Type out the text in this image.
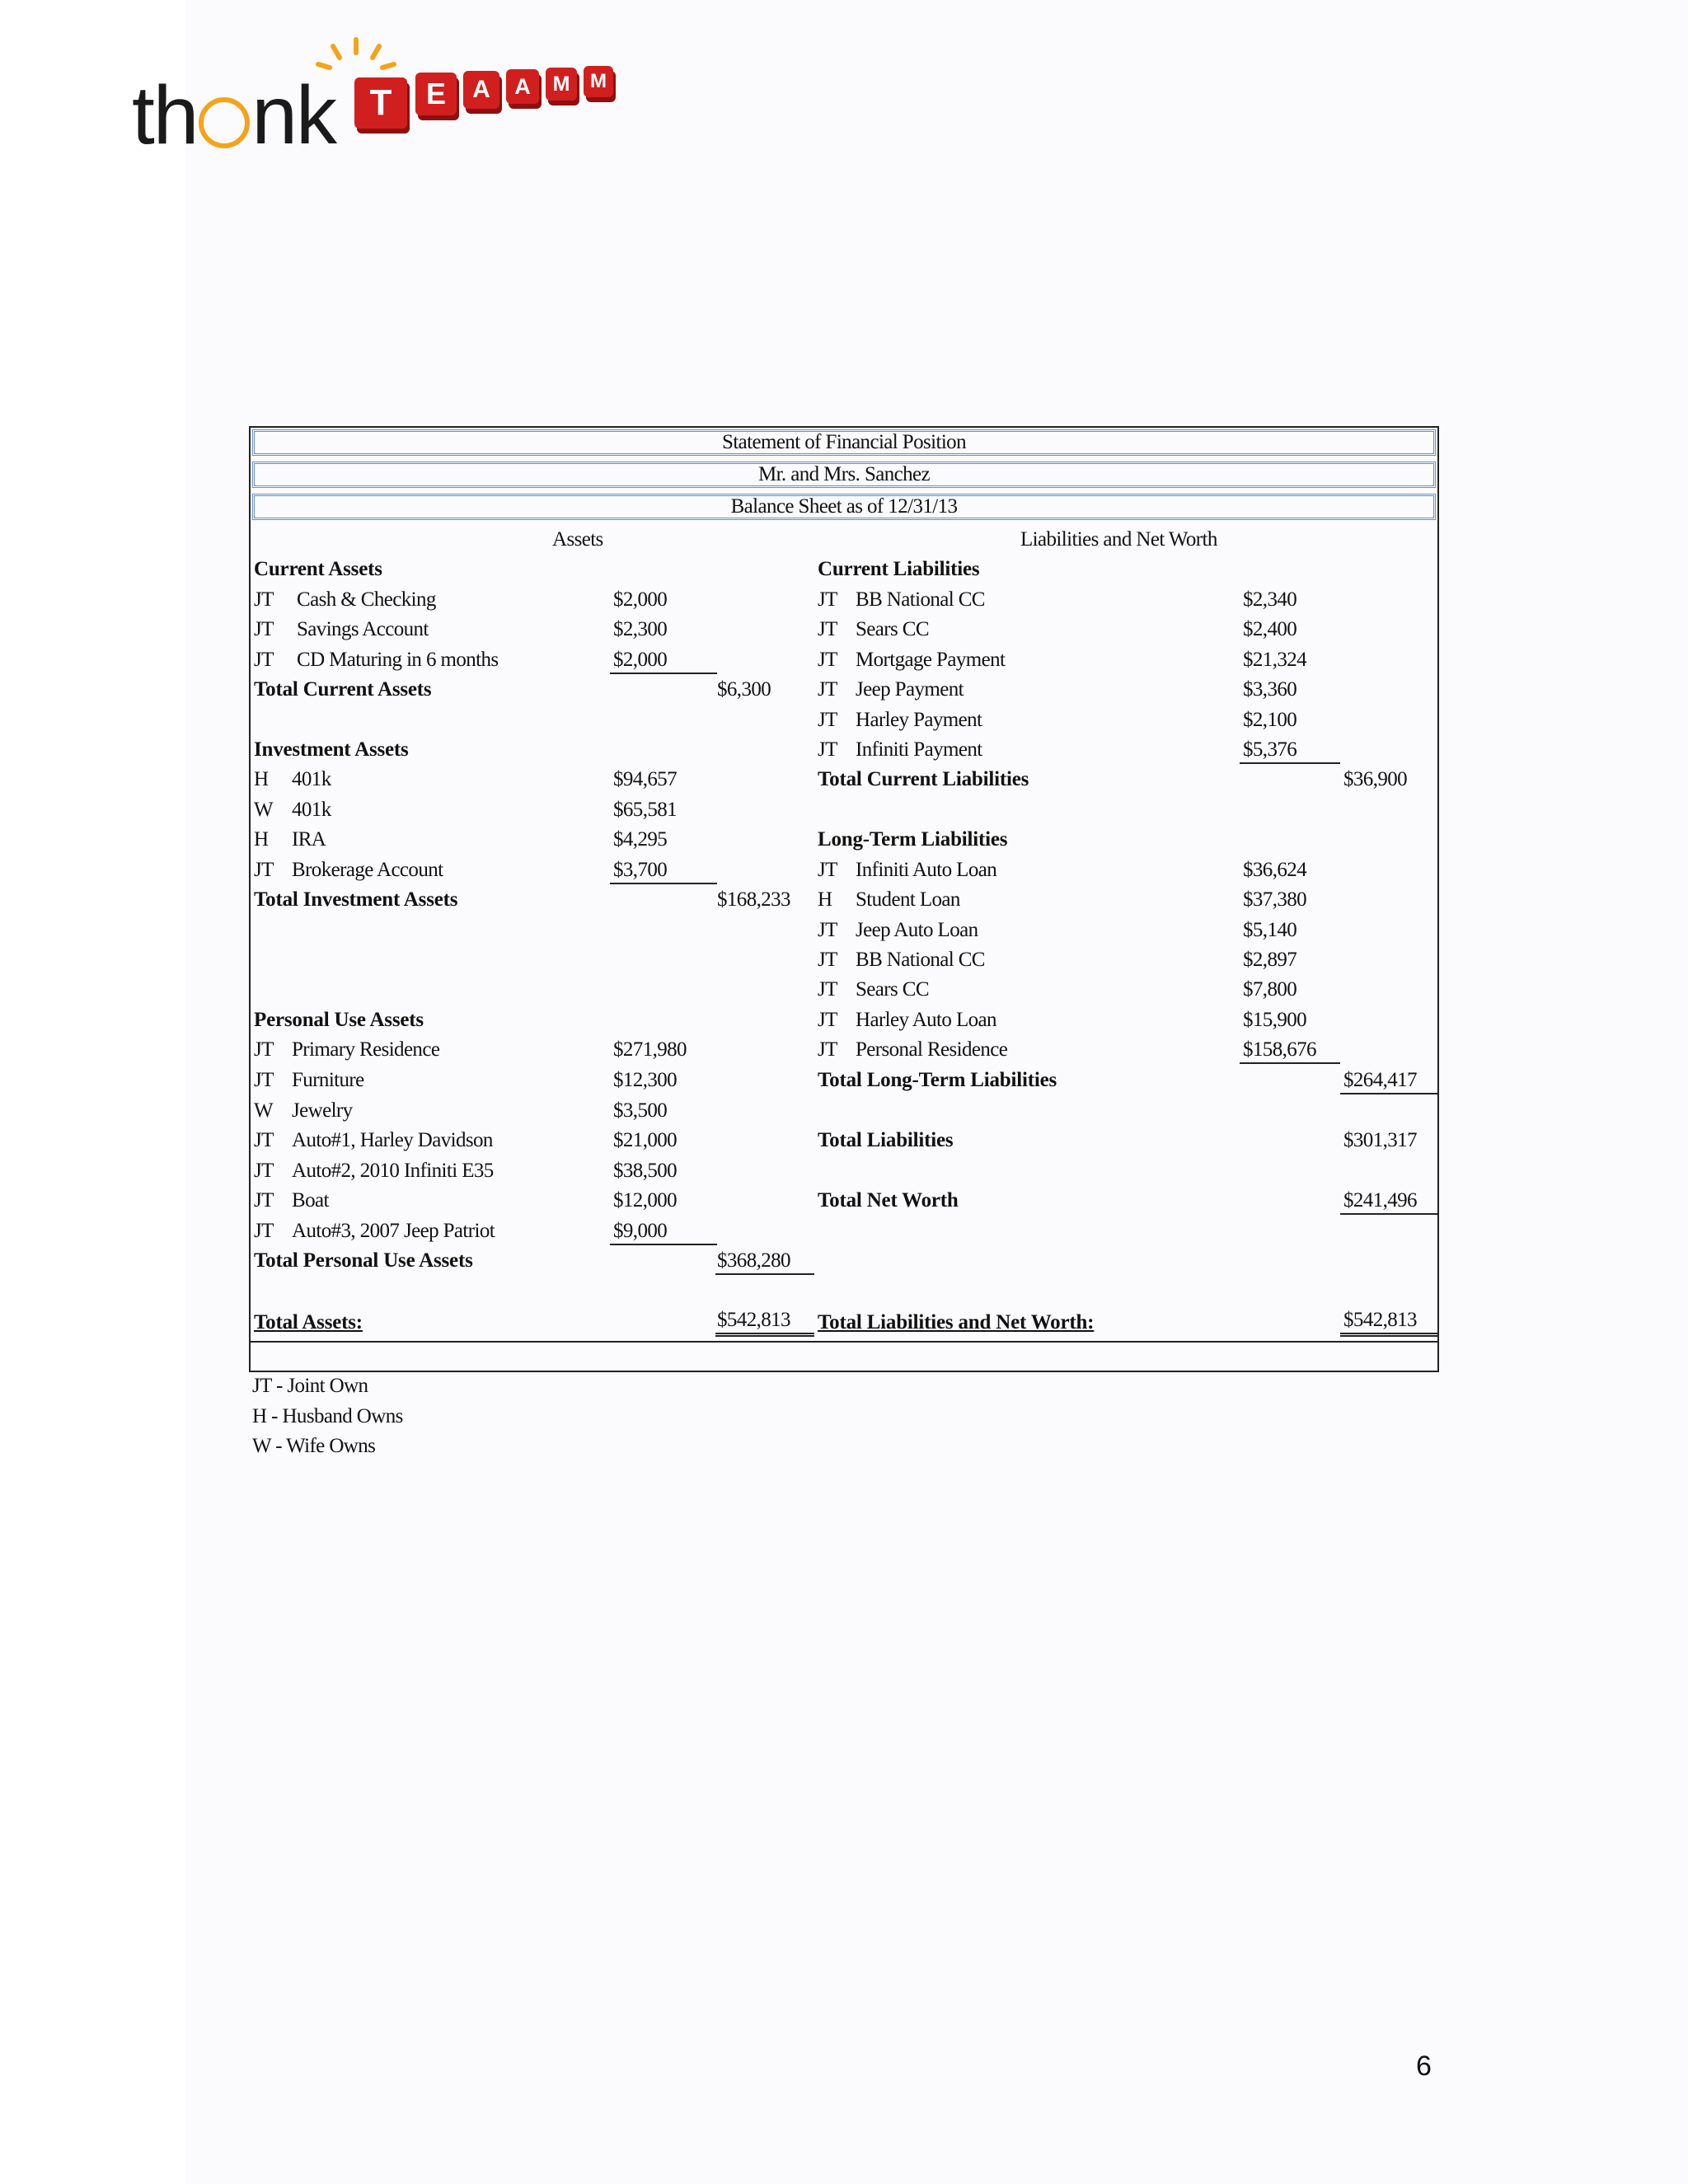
th nk T	E	A	A	M	M
Statement of Financial Position
Mr. and Mrs. Sanchez
Balance Sheet as of 12/31/13
Assets	Liabilities and Net Worth
Current Assets
JT Cash & Checking	$2,000
JT Savings Account	$2,300
JT CD Maturing in 6 months	$2,000
Total Current Assets	$6,300
Investment Assets
H 401k	$94,657
W 401k	$65,581
H IRA	$4,295
JT Brokerage Account	$3,700
Total Investment Assets	$168,233
Personal Use Assets
JT Primary Residence	$271,980
JT Furniture	$12,300
W Jewelry	$3,500
JT Auto#1, Harley Davidson	$21,000
JT Auto#2, 2010 Infiniti E35	$38,500
JT Boat	$12,000
JT Auto#3, 2007 Jeep Patriot	$9,000
Total Personal Use Assets	$368,280
Total Assets:	$542,813
Current Liabilities
JT BB National CC	$2,340
JT Sears CC	$2,400
JT Mortgage Payment	$21,324
JT Jeep Payment	$3,360
JT Harley Payment	$2,100
JT Infiniti Payment	$5,376
Total Current Liabilities	$36,900
Long-Term Liabilities
JT Infiniti Auto Loan	$36,624
H Student Loan	$37,380
JT Jeep Auto Loan	$5,140
JT BB National CC	$2,897
JT Sears CC	$7,800
JT Harley Auto Loan	$15,900
JT Personal Residence	$158,676
Total Long-Term Liabilities	$264,417
Total Liabilities	$301,317
Total Net Worth	$241,496
Total Liabilities and Net Worth:	$542,813
JT - Joint Own
H - Husband Owns
W - Wife Owns
6
